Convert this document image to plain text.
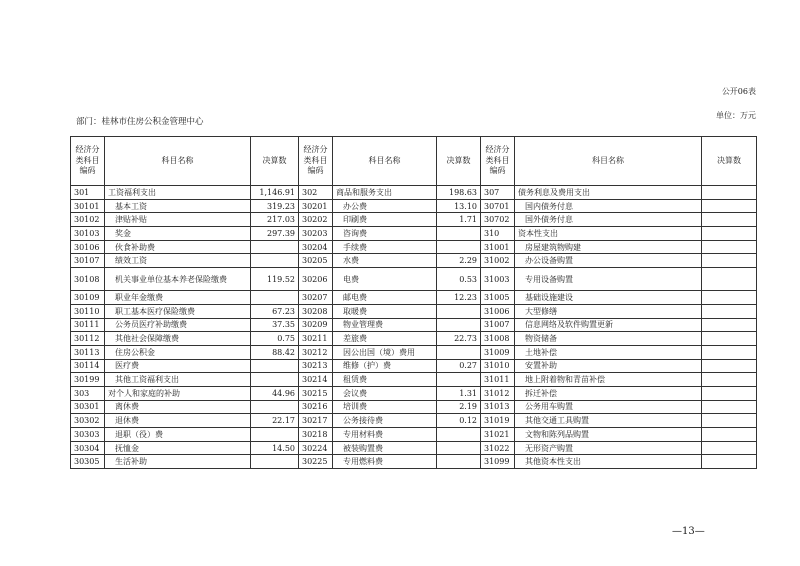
公开06表
单位：万元
部门：桂林市住房公积金管理中心
经济分类科目编码	科目名称	决算数	经济分类科目编码	科目名称	决算数	经济分类科目编码	科目名称	决算数
301	工资福利支出	1,146.91	302	商品和服务支出	198.63	307	债务利息及费用支出	
30101	基本工资	319.23	30201	办公费	13.10	30701	国内债务付息	
30102	津贴补贴	217.03	30202	印刷费	1.71	30702	国外债务付息	
30103	奖金	297.39	30203	咨询费		310	资本性支出	
30106	伙食补助费		30204	手续费		31001	房屋建筑物购建	
30107	绩效工资		30205	水费	2.29	31002	办公设备购置	
30108	机关事业单位基本养老保险缴费	119.52	30206	电费	0.53	31003	专用设备购置	
30109	职业年金缴费		30207	邮电费	12.23	31005	基础设施建设	
30110	职工基本医疗保险缴费	67.23	30208	取暖费		31006	大型修缮	
30111	公务员医疗补助缴费	37.35	30209	物业管理费		31007	信息网络及软件购置更新	
30112	其他社会保障缴费	0.75	30211	差旅费	22.73	31008	物资储备	
30113	住房公积金	88.42	30212	因公出国（境）费用		31009	土地补偿	
30114	医疗费		30213	维修（护）费	0.27	31010	安置补助	
30199	其他工资福利支出		30214	租赁费		31011	地上附着物和青苗补偿	
303	对个人和家庭的补助	44.96	30215	会议费	1.31	31012	拆迁补偿	
30301	离休费		30216	培训费	2.19	31013	公务用车购置	
30302	退休费	22.17	30217	公务接待费	0.12	31019	其他交通工具购置	
30303	退职（役）费		30218	专用材料费		31021	文物和陈列品购置	
30304	抚恤金	14.50	30224	被装购置费		31022	无形资产购置	
30305	生活补助		30225	专用燃料费		31099	其他资本性支出	
—13—
